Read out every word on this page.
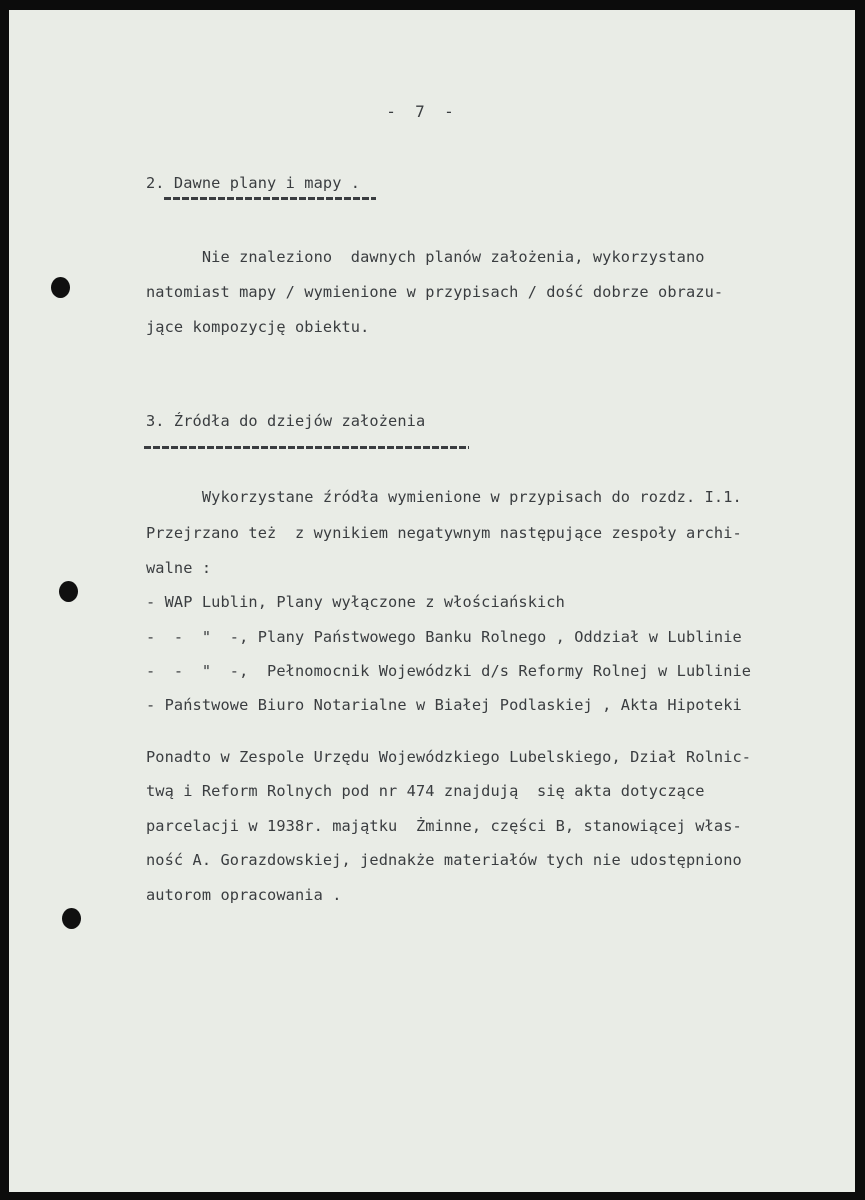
-  7  -
2. Dawne plany i mapy .
Nie znaleziono  dawnych planów założenia, wykorzystano
natomiast mapy / wymienione w przypisach / dość dobrze obrazu-
jące kompozycję obiektu.
3. Źródła do dziejów założenia
Wykorzystane źródła wymienione w przypisach do rozdz. I.1.
Przejrzano też  z wynikiem negatywnym następujące zespoły archi-
walne :
- WAP Lublin, Plany wyłączone z włościańskich
-  -  "  -, Plany Państwowego Banku Rolnego , Oddział w Lublinie
-  -  "  -,  Pełnomocnik Wojewódzki d/s Reformy Rolnej w Lublinie
- Państwowe Biuro Notarialne w Białej Podlaskiej , Akta Hipoteki
Ponadto w Zespole Urzędu Wojewódzkiego Lubelskiego, Dział Rolnic-
twą i Reform Rolnych pod nr 474 znajdują  się akta dotyczące
parcelacji w 1938r. majątku  Żminne, części B, stanowiącej włas-
ność A. Gorazdowskiej, jednakże materiałów tych nie udostępniono
autorom opracowania .
